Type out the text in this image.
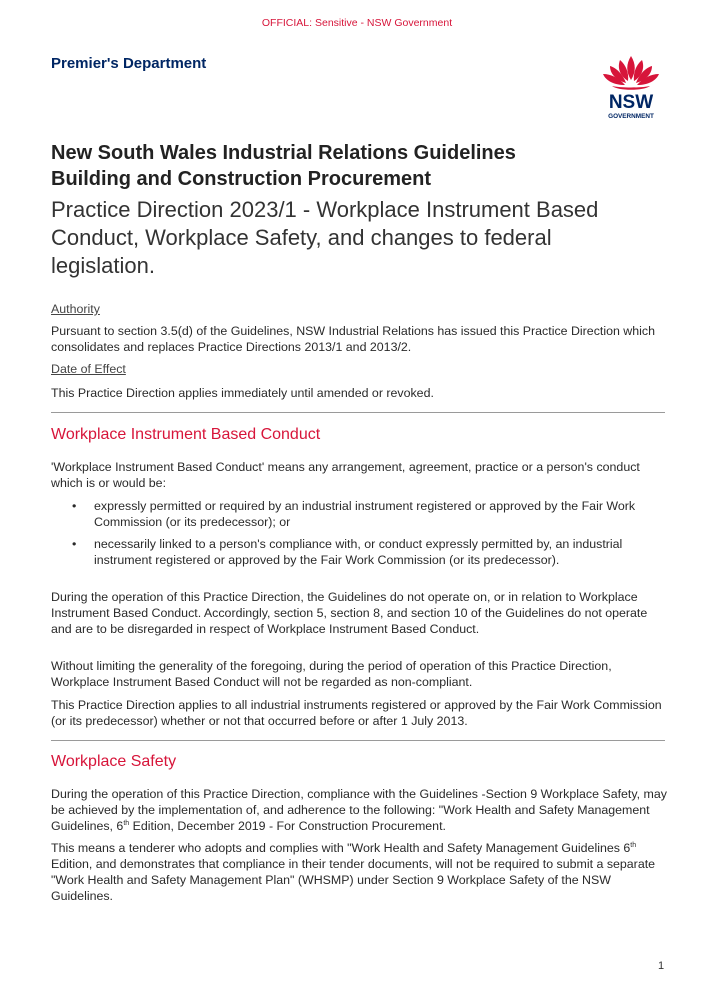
OFFICIAL: Sensitive - NSW Government
Premier's Department
NSW
GOVERNMENT
New South Wales Industrial Relations Guidelines
Building and Construction Procurement
Practice Direction 2023/1 - Workplace Instrument Based Conduct, Workplace Safety, and changes to federal legislation.
Authority
Pursuant to section 3.5(d) of the Guidelines, NSW Industrial Relations has issued this Practice Direction which consolidates and replaces Practice Directions 2013/1 and 2013/2.
Date of Effect
This Practice Direction applies immediately until amended or revoked.
Workplace Instrument Based Conduct
'Workplace Instrument Based Conduct' means any arrangement, agreement, practice or a person's conduct which is or would be:
•	expressly permitted or required by an industrial instrument registered or approved by the Fair Work Commission (or its predecessor); or
•	necessarily linked to a person's compliance with, or conduct expressly permitted by, an industrial instrument registered or approved by the Fair Work Commission (or its predecessor).
During the operation of this Practice Direction, the Guidelines do not operate on, or in relation to Workplace Instrument Based Conduct. Accordingly, section 5, section 8, and section 10 of the Guidelines do not operate and are to be disregarded in respect of Workplace Instrument Based Conduct.
Without limiting the generality of the foregoing, during the period of operation of this Practice Direction, Workplace Instrument Based Conduct will not be regarded as non-compliant.
This Practice Direction applies to all industrial instruments registered or approved by the Fair Work Commission (or its predecessor) whether or not that occurred before or after 1 July 2013.
Workplace Safety
During the operation of this Practice Direction, compliance with the Guidelines -Section 9 Workplace Safety, may be achieved by the implementation of, and adherence to the following: "Work Health and Safety Management Guidelines, 6th Edition, December 2019 - For Construction Procurement.
This means a tenderer who adopts and complies with "Work Health and Safety Management Guidelines 6th Edition, and demonstrates that compliance in their tender documents, will not be required to submit a separate "Work Health and Safety Management Plan" (WHSMP) under Section 9 Workplace Safety of the NSW Guidelines.
1
